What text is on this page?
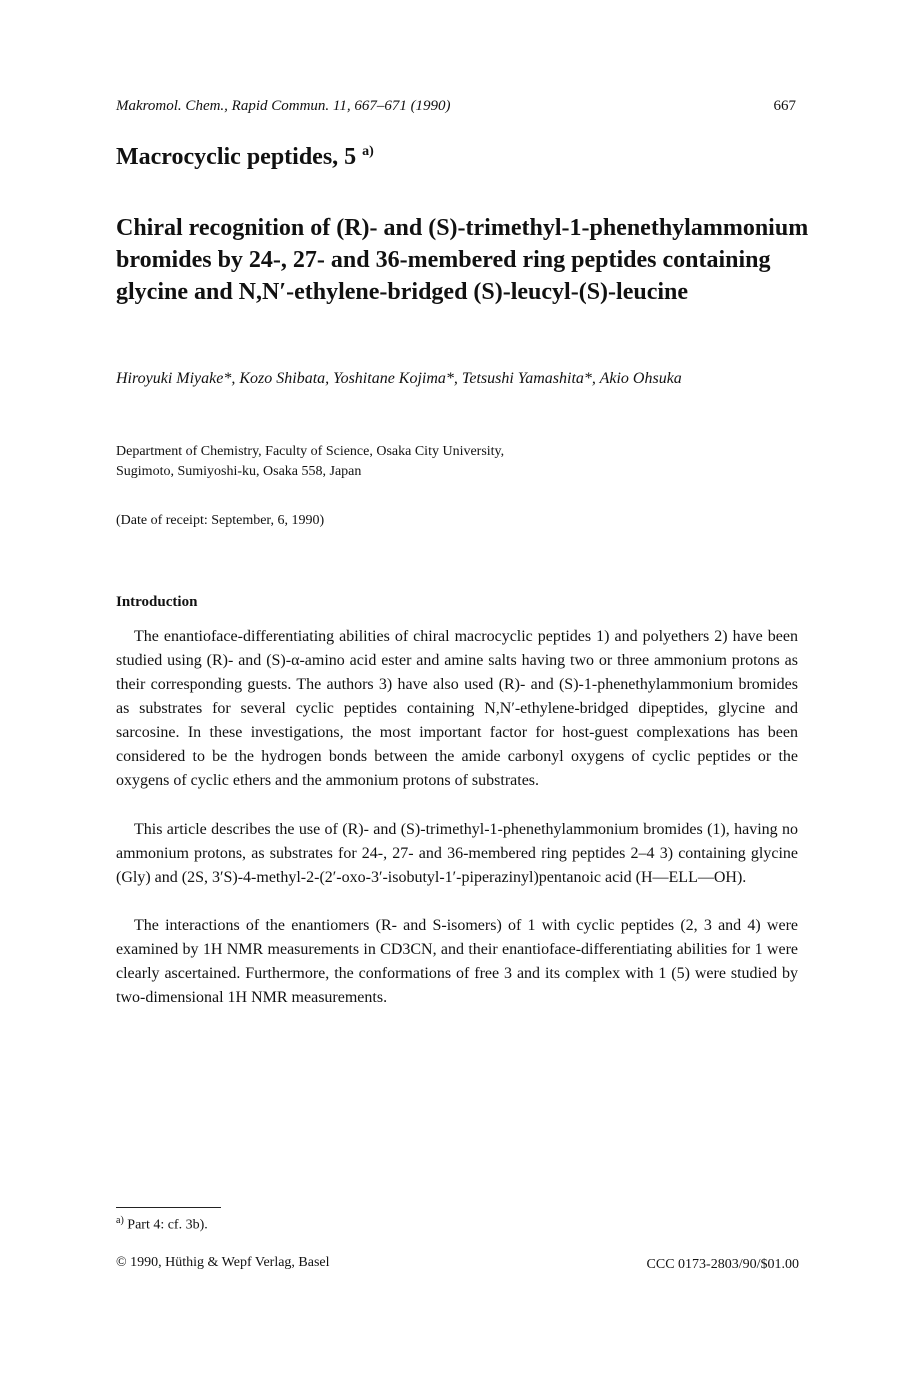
Makromol. Chem., Rapid Commun. 11, 667–671 (1990)	667
Macrocyclic peptides, 5 $^{a)}$
Chiral recognition of (R)- and (S)-trimethyl-1-phenethylammonium bromides by 24-, 27- and 36-membered ring peptides containing glycine and N,N′-ethylene-bridged (S)-leucyl-(S)-leucine
Hiroyuki Miyake*, Kozo Shibata, Yoshitane Kojima*, Tetsushi Yamashita*, Akio Ohsuka
Department of Chemistry, Faculty of Science, Osaka City University,
Sugimoto, Sumiyoshi-ku, Osaka 558, Japan
(Date of receipt: September, 6, 1990)
Introduction
The enantioface-differentiating abilities of chiral macrocyclic peptides 1) and polyethers 2) have been studied using (R)- and (S)-α-amino acid ester and amine salts having two or three ammonium protons as their corresponding guests. The authors 3) have also used (R)- and (S)-1-phenethylammonium bromides as substrates for several cyclic peptides containing N,N′-ethylene-bridged dipeptides, glycine and sarcosine. In these investigations, the most important factor for host-guest complexations has been considered to be the hydrogen bonds between the amide carbonyl oxygens of cyclic peptides or the oxygens of cyclic ethers and the ammonium protons of substrates.
This article describes the use of (R)- and (S)-trimethyl-1-phenethylammonium bromides (1), having no ammonium protons, as substrates for 24-, 27- and 36-membered ring peptides 2–4 3) containing glycine (Gly) and (2S, 3′S)-4-methyl-2-(2′-oxo-3′-isobutyl-1′-piperazinyl)pentanoic acid (H—ELL—OH).
The interactions of the enantiomers (R- and S-isomers) of 1 with cyclic peptides (2, 3 and 4) were examined by 1H NMR measurements in CD3CN, and their enantioface-differentiating abilities for 1 were clearly ascertained. Furthermore, the conformations of free 3 and its complex with 1 (5) were studied by two-dimensional 1H NMR measurements.
$^{a)}$ Part 4: cf. 3b).
© 1990, Hüthig & Wepf Verlag, Basel	CCC 0173-2803/90/$01.00
